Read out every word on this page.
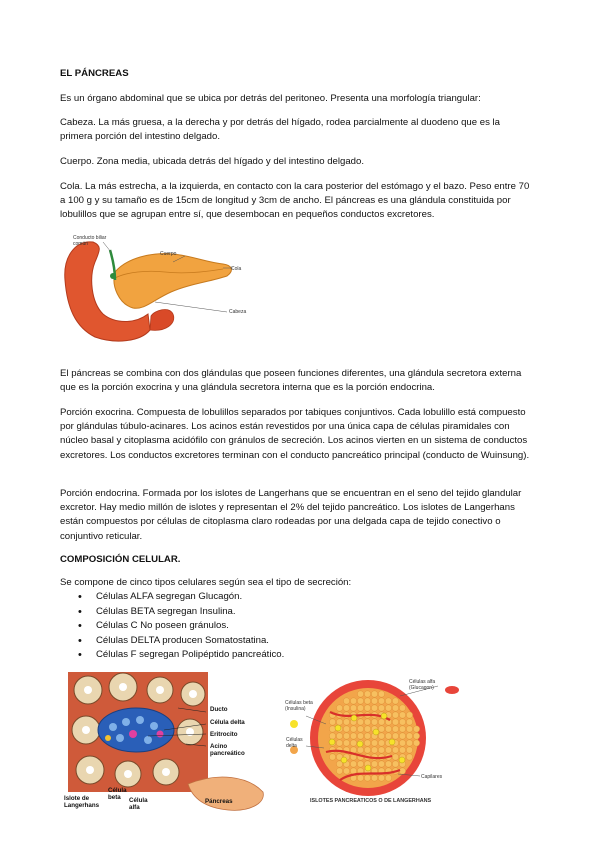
EL PÁNCREAS
Es un órgano abdominal que se ubica por detrás del peritoneo. Presenta una morfología triangular:
Cabeza. La más gruesa, a la derecha y por detrás del hígado, rodea parcialmente al duodeno que es la primera porción del intestino delgado.
Cuerpo. Zona media, ubicada detrás del hígado y del intestino delgado.
Cola. La más estrecha, a la izquierda, en contacto con la cara posterior del estómago y el bazo. Peso entre 70 a 100 g y su tamaño es de 15cm de longitud y 3cm de ancho. El páncreas es una glándula constituida por lobulillos que se agrupan entre sí, que desembocan en pequeños conductos excretores.
Conducto biliar común
Cuerpo
Cola
Cabeza
El páncreas se combina con dos glándulas que poseen funciones diferentes, una glándula secretora externa que es la porción exocrina y una glándula secretora interna que es la porción endocrina.
Porción exocrina. Compuesta de lobulillos separados por tabiques conjuntivos. Cada lobulillo está compuesto por glándulas túbulo-acinares. Los acinos están revestidos por una única capa de células piramidales con núcleo basal y citoplasma acidófilo con gránulos de secreción. Los acinos vierten en un sistema de conductos excretores. Los conductos excretores terminan con el conducto pancreático principal (conducto de Wuinsung).
Porción endocrina. Formada por los islotes de Langerhans que se encuentran en el seno del tejido glandular excretor. Hay medio millón de islotes y representan el 2% del tejido pancreático. Los islotes de Langerhans están compuestos por células de citoplasma claro rodeadas por una delgada capa de tejido conectivo o conjuntivo reticular.
COMPOSICIÓN CELULAR.
Se compone de cinco tipos celulares según sea el tipo de secreción:
• Células ALFA segregan Glucagón.
• Células BETA segregan Insulina.
• Células C No poseen gránulos.
• Células DELTA producen Somatostatina.
• Células F segregan Polipéptido pancreático.
Ducto
Célula delta
Eritrocito
Acino pancreático
Islote de Langerhans
Célula beta	Célula alfa
Páncreas
Células alfa (Glucagon)
Células beta (Insulina)
Células delta
Capilares
ISLOTES PANCREATICOS O DE LANGERHANS
